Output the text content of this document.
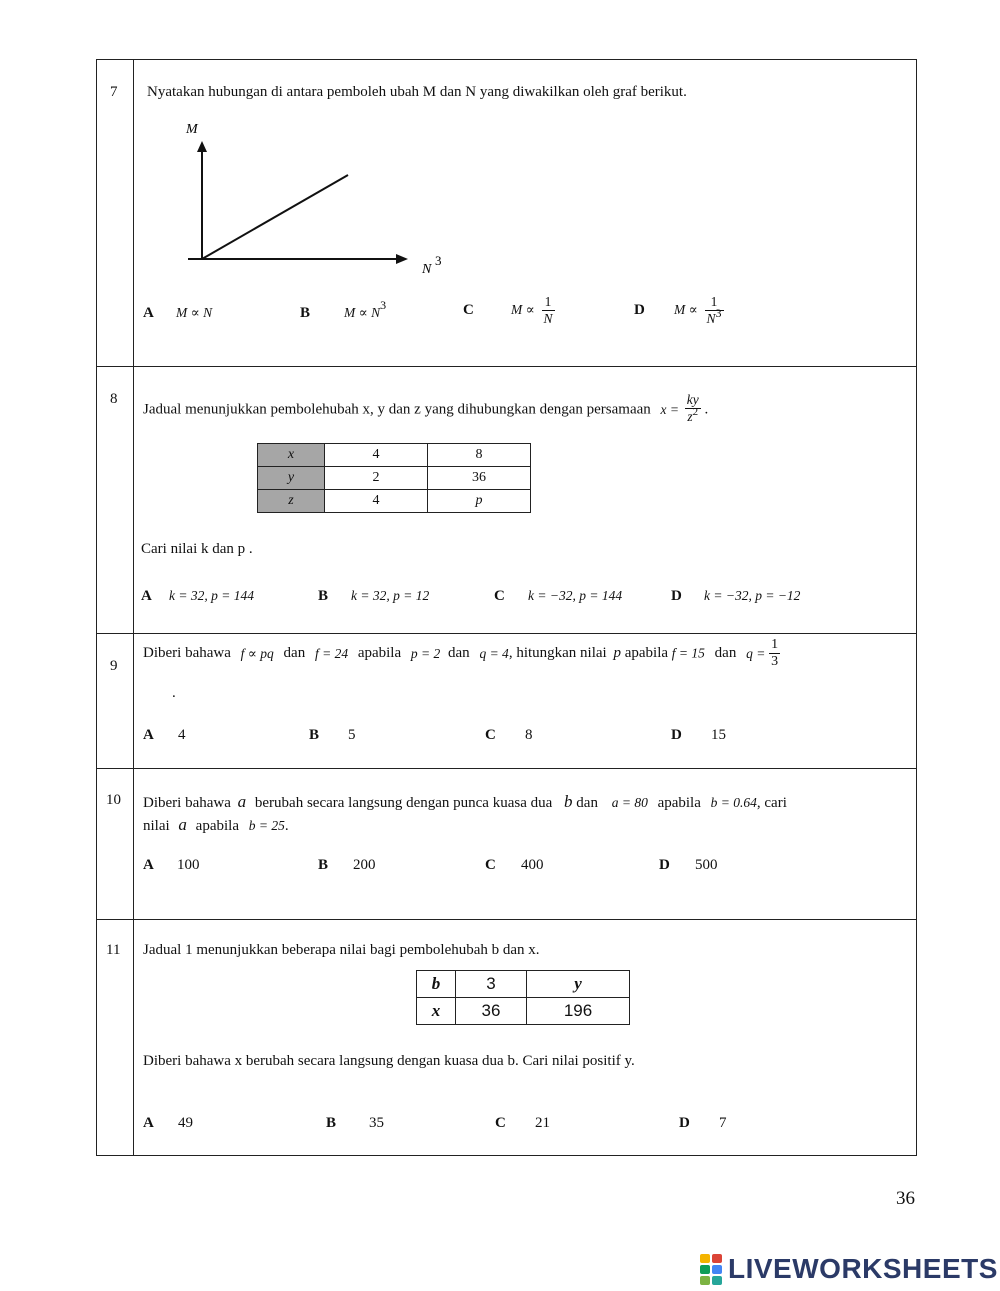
7 Nyatakan hubungan di antara pemboleh ubah M dan N yang diwakilkan oleh graf berikut.
M
N
3
A M ∝ N	B	$M \propto N^3$	C	$M \propto \frac{1}{N}$	D $M \propto \frac{1}{N3}$
8
Jadual menunjukkan pembolehubah x, y dan z yang dihubungkan dengan persamaan $x = \frac{ky}{z^2}$ .
x	4	8
y	2	36
z	4	p
Cari nilai k dan p .
A k = 32, p = 144	B k = 32, p = 12	C k = −32, p = 144	D k = −32, p = −12
9
Diberi bahawa f ∝ pq dan f = 24 apabila p = 2 dan q = 4, hitungkan nilai p apabila f = 15 dan $q = \frac{1}{3}$
.
A 4	B 5	C 8	D 15
10 Diberi bahawa a berubah secara langsung dengan punca kuasa dua b dan a = 80 apabila b = 0.64, cari
nilai a apabila b = 25.
A 100	B 200	C 400	D 500
11 Jadual 1 menunjukkan beberapa nilai bagi pembolehubah b dan x.
b	3	y
x	36	196
Diberi bahawa x berubah secara langsung dengan kuasa dua b. Cari nilai positif y.
A 49	B 35	C 21	D 7
36
LIVEWORKSHEETS
